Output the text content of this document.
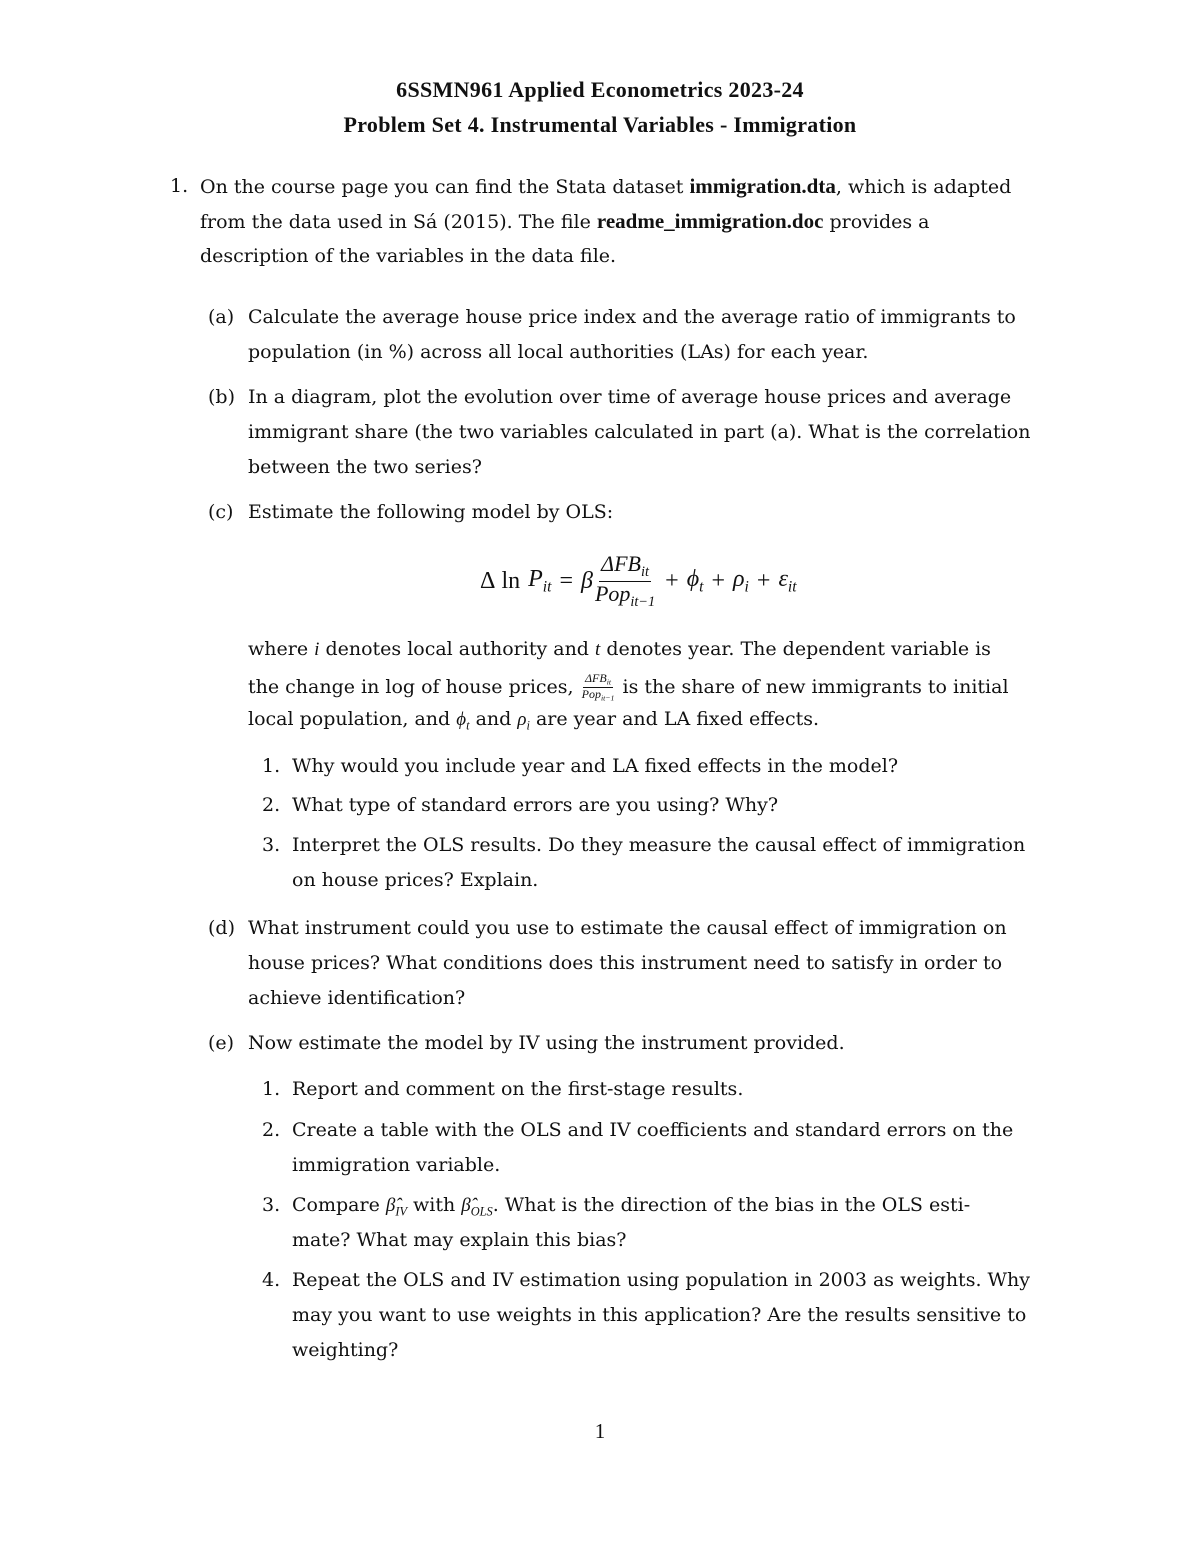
6SSMN961 Applied Econometrics 2023-24
Problem Set 4. Instrumental Variables - Immigration
1. On the course page you can find the Stata dataset immigration.dta, which is adapted
from the data used in Sá (2015). The file readme_immigration.doc provides a
description of the variables in the data file.
(a) Calculate the average house price index and the average ratio of immigrants to
population (in %) across all local authorities (LAs) for each year.
(b) In a diagram, plot the evolution over time of average house prices and average
immigrant share (the two variables calculated in part (a). What is the correlation
between the two series?
(c) Estimate the following model by OLS:
Δ $\ln P_{it} = \beta \frac{\Delta FB_{it}}{Pop_{it-1}} + \phi_t + \rho_i + \varepsilon_{it}$
where i denotes local authority and t denotes year. The dependent variable is
the change in log of house prices, $\frac{\Delta FB_{it}}{Pop_{it-1}}$ is the share of new immigrants to initial
local population, and $\phi_t$ and $\rho_i$ are year and LA fixed effects.
1. Why would you include year and LA fixed effects in the model?
2. What type of standard errors are you using? Why?
3. Interpret the OLS results. Do they measure the causal effect of immigration
on house prices? Explain.
(d) What instrument could you use to estimate the causal effect of immigration on
house prices? What conditions does this instrument need to satisfy in order to
achieve identification?
(e) Now estimate the model by IV using the instrument provided.
1. Report and comment on the first-stage results.
2. Create a table with the OLS and IV coefficients and standard errors on the
immigration variable.
3. Compare $\betâ_{IV}$ with $\betâ_{OLS}$. What is the direction of the bias in the OLS esti-
mate? What may explain this bias?
4. Repeat the OLS and IV estimation using population in 2003 as weights. Why
may you want to use weights in this application? Are the results sensitive to
weighting?
1
